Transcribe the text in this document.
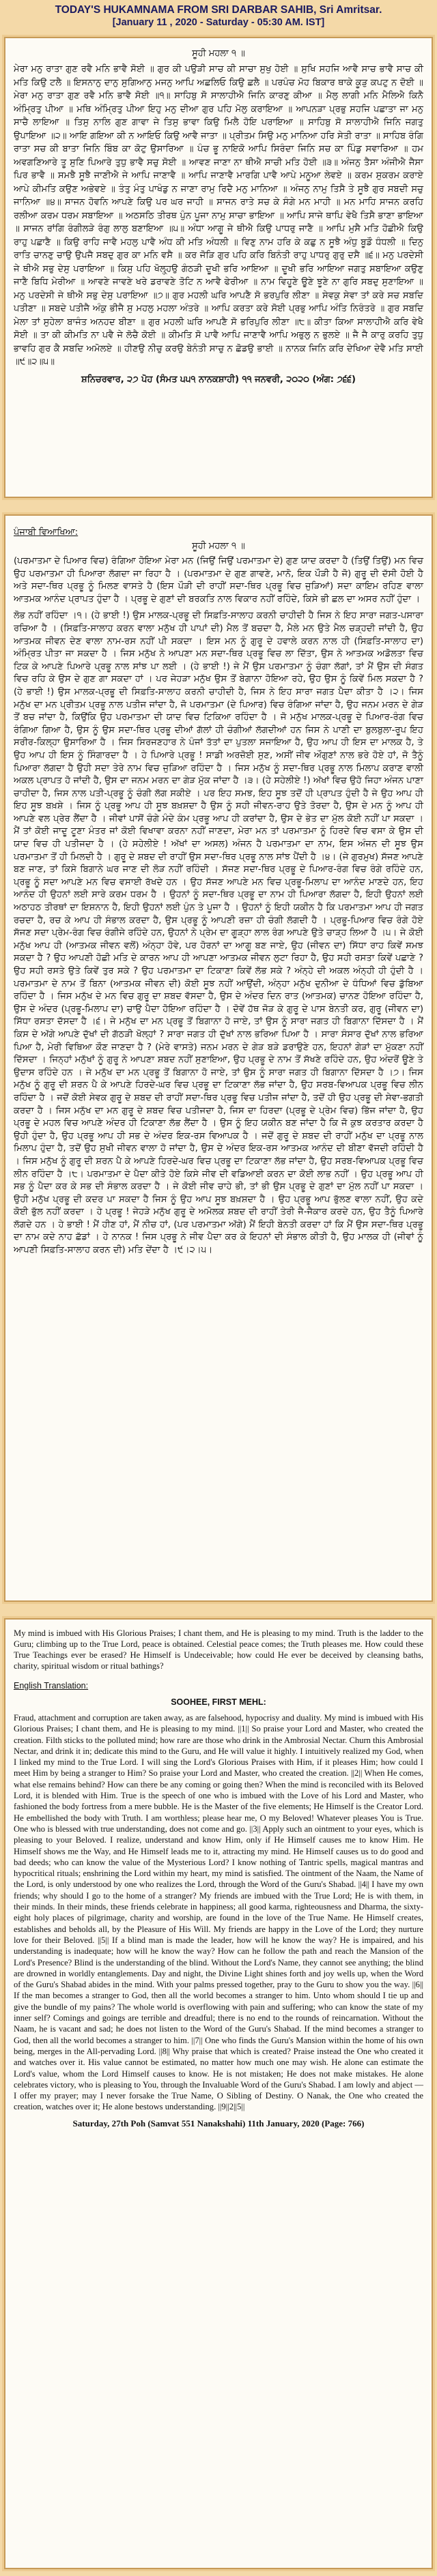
TODAY'S HUKAMNAMA FROM SRI DARBAR SAHIB, Sri Amritsar.
[January 11 , 2020 - Saturday - 05:30 AM. IST]
ਸੂਹੀ ਮਹਲਾ ੧ ॥

ਮੇਰਾ ਮਨੁ ਰਾਤਾ ਗੁਣ ਰਵੈ ਮਨਿ ਭਾਵੈ ਸੋਈ ॥ ਗੁਰ ਕੀ ਪਉੜੀ ਸਾਚ ਕੀ ਸਾਚਾ ਸੁਖੁ ਹੋਈ ॥ ਸੁਖਿ ਸਹਜਿ ਆਵੈ ਸਾਚ ਭਾਵੈ ਸਾਚ ਕੀ ਮਤਿ ਕਿਉ ਟਲੈ ॥ ਇਸਨਾਨੁ ਦਾਨੁ ਸੁਗਿਆਨੁ ਮਜਨੁ ਆਪਿ ਅਛਲਿਓ ਕਿਉ ਛਲੈ ॥ ਪਰਪੰਚ ਮੋਹ ਬਿਕਾਰ ਥਾਕੇ ਕੂੜੁ ਕਪਟੁ ਨ ਦੋਈ ॥ ਮੇਰਾ ਮਨੁ ਰਾਤਾ ਗੁਣ ਰਵੈ ਮਨਿ ਭਾਵੈ ਸੋਈ ॥੧॥ ਸਾਹਿਬੁ ਸੋ ਸਾਲਾਹੀਐ ਜਿਨਿ ਕਾਰਣੁ ਕੀਆ ॥ ਮੈਲੁ ਲਾਗੀ ਮਨਿ ਮੈਲਿਐ ਕਿਨੈ ਅੰਮ੍ਰਿਤੁ ਪੀਆ ॥ ਮਥਿ ਅੰਮ੍ਰਿਤੁ ਪੀਆ ਇਹੁ ਮਨੁ ਦੀਆ ਗੁਰ ਪਹਿ ਮੋਲੁ ਕਰਾਇਆ ॥ ਆਪਨੜਾ ਪ੍ਰਭੁ ਸਹਜਿ ਪਛਾਤਾ ਜਾ ਮਨੁ ਸਾਚੈ ਲਾਇਆ ॥ ਤਿਸੁ ਨਾਲਿ ਗੁਣ ਗਾਵਾ ਜੇ ਤਿਸੁ ਭਾਵਾ ਕਿਉ ਮਿਲੈ ਹੋਇ ਪਰਾਇਆ ॥ ਸਾਹਿਬੁ ਸੋ ਸਾਲਾਹੀਐ ਜਿਨਿ ਜਗਤੁ ਉਪਾਇਆ ॥੨॥ ਆਇ ਗਇਆ ਕੀ ਨ ਆਇਓ ਕਿਉ ਆਵੈ ਜਾਤਾ ॥ ਪ੍ਰੀਤਮ ਸਿਉ ਮਨੁ ਮਾਨਿਆ ਹਰਿ ਸੇਤੀ ਰਾਤਾ ॥ ਸਾਹਿਬ ਰੰਗਿ ਰਾਤਾ ਸਚ ਕੀ ਬਾਤਾ ਜਿਨਿ ਬਿੰਬ ਕਾ ਕੋਟੁ ਉਸਾਰਿਆ ॥ ਪੰਚ ਭੂ ਨਾਇਕੋ ਆਪਿ ਸਿਰੰਦਾ ਜਿਨਿ ਸਚ ਕਾ ਪਿੰਡੁ ਸਵਾਰਿਆ ॥ ਹਮ ਅਵਗਣਿਆਰੇ ਤੂ ਸੁਣਿ ਪਿਆਰੇ ਤੁਧੁ ਭਾਵੈ ਸਚੁ ਸੋਈ ॥ ਆਵਣ ਜਾਣਾ ਨਾ ਥੀਐ ਸਾਚੀ ਮਤਿ ਹੋਈ ॥੩॥ ਅੰਜਨੁ ਤੈਸਾ ਅੰਜੀਐ ਜੈਸਾ ਪਿਰ ਭਾਵੈ ॥ ਸਮਝੈ ਸੂਝੈ ਜਾਣੀਐ ਜੇ ਆਪਿ ਜਾਣਾਵੈ ॥ ਆਪਿ ਜਾਣਾਵੈ ਮਾਰਗਿ ਪਾਵੈ ਆਪੇ ਮਨੂਆ ਲੇਵਏ ॥ ਕਰਮ ਸੁਕਰਮ ਕਰਾਏ ਆਪੇ ਕੀਮਤਿ ਕਉਣ ਅਭੇਵਏ ॥ ਤੰਤੁ ਮੰਤੁ ਪਾਖੰਡੁ ਨ ਜਾਣਾ ਰਾਮੁ ਰਿਦੈ ਮਨੁ ਮਾਨਿਆ ॥ ਅੰਜਨੁ ਨਾਮੁ ਤਿਸੈ ਤੇ ਸੂਝੈ ਗੁਰ ਸਬਦੀ ਸਚੁ ਜਾਨਿਆ ॥੪॥ ਸਾਜਨ ਹੋਵਨਿ ਆਪਣੇ ਕਿਉ ਪਰ ਘਰ ਜਾਹੀ ॥ ਸਾਜਨ ਰਾਤੇ ਸਚ ਕੇ ਸੰਗੇ ਮਨ ਮਾਹੀ ॥ ਮਨ ਮਾਹਿ ਸਾਜਨ ਕਰਹਿ ਰਲੀਆ ਕਰਮ ਧਰਮ ਸਬਾਇਆ ॥ ਅਠਸਠਿ ਤੀਰਥ ਪੁੰਨ ਪੂਜਾ ਨਾਮੁ ਸਾਚਾ ਭਾਇਆ ॥ ਆਪਿ ਸਾਜੇ ਥਾਪਿ ਵੇਖੈ ਤਿਸੈ ਭਾਣਾ ਭਾਇਆ ॥ ਸਾਜਨ ਰਾਂਗਿ ਰੰਗੀਲੜੇ ਰੰਗੁ ਲਾਲੁ ਬਣਾਇਆ ॥੫॥ ਅੰਧਾ ਆਗੂ ਜੇ ਥੀਐ ਕਿਉ ਪਾਧਰੁ ਜਾਣੈ ॥ ਆਪਿ ਮੁਸੈ ਮਤਿ ਹੋਛੀਐ ਕਿਉ ਰਾਹੁ ਪਛਾਣੈ ॥ ਕਿਉ ਰਾਹਿ ਜਾਵੈ ਮਹਲੁ ਪਾਵੈ ਅੰਧ ਕੀ ਮਤਿ ਅੰਧਲੀ ॥ ਵਿਣੁ ਨਾਮ ਹਰਿ ਕੇ ਕਛੁ ਨ ਸੂਝੈ ਅੰਧੁ ਬੂਡੌ ਧੰਧਲੀ ॥ ਦਿਨੁ ਰਾਤਿ ਚਾਨਣੁ ਚਾਉ ਉਪਜੈ ਸਬਦੁ ਗੁਰ ਕਾ ਮਨਿ ਵਸੈ ॥ ਕਰ ਜੋੜਿ ਗੁਰ ਪਹਿ ਕਰਿ ਬਿਨੰਤੀ ਰਾਹੁ ਪਾਧਰੁ ਗੁਰੁ ਦਸੈ ॥੬॥ ਮਨੁ ਪਰਦੇਸੀ ਜੇ ਥੀਐ ਸਭੁ ਦੇਸੁ ਪਰਾਇਆ ॥ ਕਿਸੁ ਪਹਿ ਖੋਲ੍ਹ੍ਹਉ ਗੰਠੜੀ ਦੂਖੀ ਭਰਿ ਆਇਆ ॥ ਦੂਖੀ ਭਰਿ ਆਇਆ ਜਗਤੁ ਸਬਾਇਆ ਕਉਣੁ ਜਾਣੈ ਬਿਧਿ ਮੇਰੀਆ ॥ ਆਵਣੇ ਜਾਵਣੇ ਖਰੇ ਡਰਾਵਣੇ ਤੋਟਿ ਨ ਆਵੈ ਫੇਰੀਆ ॥ ਨਾਮ ਵਿਹੂਣੇ ਊਣੇ ਝੂਣੇ ਨਾ ਗੁਰਿ ਸਬਦੁ ਸੁਣਾਇਆ ॥ ਮਨੁ ਪਰਦੇਸੀ ਜੇ ਥੀਐ ਸਭੁ ਦੇਸੁ ਪਰਾਇਆ ॥੭॥ ਗੁਰ ਮਹਲੀ ਘਰਿ ਆਪਣੈ ਸੋ ਭਰਪੁਰਿ ਲੀਣਾ ॥ ਸੇਵਕੁ ਸੇਵਾ ਤਾਂ ਕਰੇ ਸਚ ਸਬਦਿ ਪਤੀਣਾ ॥ ਸਬਦੇ ਪਤੀਜੈ ਅੰਕੁ ਭੀਜੈ ਸੁ ਮਹਲੁ ਮਹਲਾ ਅੰਤਰੇ ॥ ਆਪਿ ਕਰਤਾ ਕਰੇ ਸੋਈ ਪ੍ਰਭੁ ਆਪਿ ਅੰਤਿ ਨਿਰੰਤਰੇ ॥ ਗੁਰ ਸਬਦਿ ਮੇਲਾ ਤਾਂ ਸੁਹੇਲਾ ਬਾਜੰਤ ਅਨਹਦ ਬੀਣਾ ॥ ਗੁਰ ਮਹਲੀ ਘਰਿ ਆਪਣੈ ਸੋ ਭਰਿਪੁਰਿ ਲੀਣਾ ॥੮॥ ਕੀਤਾ ਕਿਆ ਸਾਲਾਹੀਐ ਕਰਿ ਵੇਖੈ ਸੋਈ ॥ ਤਾ ਕੀ ਕੀਮਤਿ ਨਾ ਪਵੈ ਜੇ ਲੋਚੈ ਕੋਈ ॥ ਕੀਮਤਿ ਸੋ ਪਾਵੈ ਆਪਿ ਜਾਣਾਵੈ ਆਪਿ ਅਭੁਲੁ ਨ ਭੁਲਏ ॥ ਜੈ ਜੈ ਕਾਰੁ ਕਰਹਿ ਤੁਧੁ ਭਾਵਹਿ ਗੁਰ ਕੈ ਸਬਦਿ ਅਮੋਲਏ ॥ ਹੀਣਉ ਨੀਚੁ ਕਰਉ ਬੇਨੰਤੀ ਸਾਚੁ ਨ ਛੋਡਉ ਭਾਈ ॥ ਨਾਨਕ ਜਿਨਿ ਕਰਿ ਦੇਖਿਆ ਦੇਵੈ ਮਤਿ ਸਾਈ ॥੯॥੨॥੫॥

ਸ਼ਨਿਚਰਵਾਰ, ੨੭ ਪੋਹ (ਸੰਮਤ ੫੫੧ ਨਾਨਕਸ਼ਾਹੀ) ੧੧ ਜਨਵਰੀ, ੨੦੨੦ (ਅੰਗ: ੭੬੬)
ਪੰਜਾਬੀ ਵਿਆਖਿਆ:
ਸੂਹੀ ਮਹਲਾ ੧ ॥

(ਪਰਮਾਤਮਾ ਦੇ ਪਿਆਰ ਵਿਚ) ਰੰਗਿਆ ਹੋਇਆ ਮੇਰਾ ਮਨ (ਜਿਉਂ ਜਿਉਂ ਪਰਮਾਤਮਾ ਦੇ) ਗੁਣ ਯਾਦ ਕਰਦਾ ਹੈ (ਤਿਉਂ ਤਿਉਂ) ਮਨ ਵਿਚ ਉਹ ਪਰਮਾਤਮਾ ਹੀ ਪਿਆਰਾ ਲੱਗਦਾ ਜਾ ਰਿਹਾ ਹੈ । (ਪਰਮਾਤਮਾ ਦੇ ਗੁਣ ਗਾਵਣੇ, ਮਾਨੋ, ਇਕ ਪੌੜੀ ਹੈ ਜੋ) ਗੁਰੂ ਦੀ ਦੱਸੀ ਹੋਈ ਹੈ ਅਤੇ ਸਦਾ-ਥਿਰ ਪ੍ਰਭੂ ਨੂੰ ਮਿਲਣ ਵਾਸਤੇ ਹੈ (ਇਸ ਪੌੜੀ ਦੀ ਰਾਹੀਂ ਸਦਾ-ਥਿਰ ਪ੍ਰਭੂ ਵਿਚ ਜੁੜਿਆਂ) ਸਦਾ ਕਾਇਮ ਰਹਿਣ ਵਾਲਾ ਆਤਮਕ ਆਨੰਦ ਪ੍ਰਾਪਤ ਹੁੰਦਾ ਹੈ । ਪ੍ਰਭੂ ਦੇ ਗੁਣਾਂ ਦੀ ਬਰਕਤਿ ਨਾਲ ਵਿਕਾਰ ਨਹੀਂ ਰਹਿੰਦੇ, ਕਿਸੇ ਭੀ ਛਲ ਦਾ ਅਸਰ ਨਹੀਂ ਹੁੰਦਾ ।

ਲੋਭ ਨਹੀਂ ਰਹਿੰਦਾ ।੧। (ਹੇ ਭਾਈ !) ਉਸ ਮਾਲਕ-ਪ੍ਰਭੂ ਦੀ ਸਿਫ਼ਤਿ-ਸਾਲਾਹ ਕਰਨੀ ਚਾਹੀਦੀ ਹੈ ਜਿਸ ਨੇ ਇਹ ਸਾਰਾ ਜਗਤ-ਪਸਾਰਾ ਰਚਿਆ ਹੈ । (ਸਿਫ਼ਤਿ-ਸਾਲਾਹ ਕਰਨ ਵਾਲਾ ਮਨੁੱਖ ਹੀ ਪਾਪਾਂ ਦੀ) ਮੈਲ ਤੋਂ ਬਚਦਾ ਹੈ, ਮੈਲੇ ਮਨ ਉਤੇ ਮੈਲ ਚੜ੍ਹਦੀ ਜਾਂਦੀ ਹੈ, ਉਹ ਆਤਮਕ ਜੀਵਨ ਦੇਣ ਵਾਲਾ ਨਾਮ-ਰਸ ਨਹੀਂ ਪੀ ਸਕਦਾ । ਇਸ ਮਨ ਨੂੰ ਗੁਰੂ ਦੇ ਹਵਾਲੇ ਕਰਨ ਨਾਲ ਹੀ (ਸਿਫ਼ਤਿ-ਸਾਲਾਹ ਦਾ) ਅੰਮ੍ਰਿਤ ਪੀਤਾ ਜਾ ਸਕਦਾ ਹੈ । ਜਿਸ ਮਨੁੱਖ ਨੇ ਆਪਣਾ ਮਨ ਸਦਾ-ਥਿਰ ਪ੍ਰਭੂ ਵਿਚ ਲਾ ਦਿੱਤਾ, ਉਸ ਨੇ ਆਤਮਕ ਅਡੋਲਤਾ ਵਿਚ ਟਿਕ ਕੇ ਆਪਣੇ ਪਿਆਰੇ ਪ੍ਰਭੂ ਨਾਲ ਸਾਂਝ ਪਾ ਲਈ । (ਹੇ ਭਾਈ !) ਜੇ ਮੈਂ ਉਸ ਪਰਮਾਤਮਾ ਨੂੰ ਚੰਗਾ ਲੱਗਾਂ, ਤਾਂ ਮੈਂ ਉਸ ਦੀ ਸੰਗਤ ਵਿਚ ਰਹਿ ਕੇ ਉਸ ਦੇ ਗੁਣ ਗਾ ਸਕਦਾ ਹਾਂ । ਪਰ ਜੇਹੜਾ ਮਨੁੱਖ ਉਸ ਤੋਂ ਬੇਗਾਨਾ ਹੋਇਆ ਰਹੇ, ਉਹ ਉਸ ਨੂੰ ਕਿਵੇਂ ਮਿਲ ਸਕਦਾ ਹੈ ? (ਹੇ ਭਾਈ !) ਉਸ ਮਾਲਕ-ਪ੍ਰਭੂ ਦੀ ਸਿਫ਼ਤਿ-ਸਾਲਾਹ ਕਰਨੀ ਚਾਹੀਦੀ ਹੈ, ਜਿਸ ਨੇ ਇਹ ਸਾਰਾ ਜਗਤ ਪੈਦਾ ਕੀਤਾ ਹੈ ।੨। ਜਿਸ ਮਨੁੱਖ ਦਾ ਮਨ ਪ੍ਰੀਤਮ ਪ੍ਰਭੂ ਨਾਲ ਪਤੀਜ ਜਾਂਦਾ ਹੈ, ਜੋ ਪਰਮਾਤਮਾ (ਦੇ ਪਿਆਰ) ਵਿਚ ਰੰਗਿਆ ਜਾਂਦਾ ਹੈ, ਉਹ ਜਨਮ ਮਰਨ ਦੇ ਗੇੜ ਤੋਂ ਬਚ ਜਾਂਦਾ ਹੈ, ਕਿਉਂਕਿ ਉਹ ਪਰਮਾਤਮਾ ਦੀ ਯਾਦ ਵਿਚ ਟਿਕਿਆ ਰਹਿੰਦਾ ਹੈ । ਜੋ ਮਨੁੱਖ ਮਾਲਕ-ਪ੍ਰਭੂ ਦੇ ਪਿਆਰ-ਰੰਗ ਵਿਚ ਰੰਗਿਆ ਗਿਆ ਹੈ, ਉਸ ਨੂੰ ਉਸ ਸਦਾ-ਥਿਰ ਪ੍ਰਭੂ ਦੀਆਂ ਗੱਲਾਂ ਹੀ ਚੰਗੀਆਂ ਲੱਗਦੀਆਂ ਹਨ ਜਿਸ ਨੇ ਪਾਣੀ ਦਾ ਬੁਲਬੁਲਾ-ਰੂਪ ਇਹ ਸਰੀਰ-ਕਿਲ੍ਹਾ ਉਸਾਰਿਆ ਹੈ । ਜਿਸ ਸਿਰਜਣਹਾਰ ਨੇ ਪੰਜਾਂ ਤੱਤਾਂ ਦਾ ਪੁਤਲਾ ਸਜਾਇਆ ਹੈ, ਉਹ ਆਪ ਹੀ ਇਸ ਦਾ ਮਾਲਕ ਹੈ, ਤੇ ਉਹ ਆਪ ਹੀ ਇਸ ਨੂੰ ਸਿੰਗਾਰਦਾ ਹੈ । ਹੇ ਪਿਆਰੇ ਪ੍ਰਭੂ ! ਸਾਡੀ ਅਰਜ਼ੋਈ ਸੁਣ, ਅਸੀਂ ਜੀਵ ਔਗੁਣਾਂ ਨਾਲ ਭਰੇ ਹੋਏ ਹਾਂ, ਜੋ ਤੈਨੂੰ ਪਿਆਰਾ ਲੱਗਦਾ ਹੈ ਉਹੀ ਸਦਾ ਤੇਰੇ ਨਾਮ ਵਿਚ ਜੁੜਿਆ ਰਹਿੰਦਾ ਹੈ । ਜਿਸ ਮਨੁੱਖ ਨੂੰ ਸਦਾ-ਥਿਰ ਪ੍ਰਭੂ ਨਾਲ ਮਿਲਾਪ ਕਰਾਣ ਵਾਲੀ ਅਕਲ ਪ੍ਰਾਪਤ ਹੋ ਜਾਂਦੀ ਹੈ, ਉਸ ਦਾ ਜਨਮ ਮਰਨ ਦਾ ਗੇੜ ਮੁੱਕ ਜਾਂਦਾ ਹੈ ।੩। (ਹੇ ਸਹੇਲੀਏ !) ਅੱਖਾਂ ਵਿਚ ਉਹੋ ਜਿਹਾ ਅੰਜਨ ਪਾਣਾ ਚਾਹੀਦਾ ਹੈ, ਜਿਸ ਨਾਲ ਪਤੀ-ਪ੍ਰਭੂ ਨੂੰ ਚੰਗੀ ਲੱਗ ਸਕੀਏ । ਪਰ ਇਹ ਸਮਝ, ਇਹ ਸੂਝ ਤਦੋਂ ਹੀ ਪ੍ਰਾਪਤ ਹੁੰਦੀ ਹੈ ਜੇ ਉਹ ਆਪ ਹੀ ਇਹ ਸੂਝ ਬਖ਼ਸ਼ੇ । ਜਿਸ ਨੂੰ ਪ੍ਰਭੂ ਆਪ ਹੀ ਸੂਝ ਬਖ਼ਸ਼ਦਾ ਹੈ ਉਸ ਨੂੰ ਸਹੀ ਜੀਵਨ-ਰਾਹ ਉਤੇ ਤੋਰਦਾ ਹੈ, ਉਸ ਦੇ ਮਨ ਨੂੰ ਆਪ ਹੀ ਆਪਣੇ ਵਲ ਪ੍ਰੇਰ ਲੈਂਦਾ ਹੈ । ਜੀਵਾਂ ਪਾਸੋਂ ਚੰਗੇ ਮੰਦੇ ਕੰਮ ਪ੍ਰਭੂ ਆਪ ਹੀ ਕਰਾਂਦਾ ਹੈ, ਉਸ ਦੇ ਭੇਤ ਦਾ ਮੁੱਲ ਕੋਈ ਨਹੀਂ ਪਾ ਸਕਦਾ । ਮੈਂ ਤਾਂ ਕੋਈ ਜਾਦੂ ਟੂਣਾ ਮੰਤਰ ਜਾਂ ਕੋਈ ਵਿਖਾਵਾ ਕਰਨਾ ਨਹੀਂ ਜਾਣਦਾ, ਮੇਰਾ ਮਨ ਤਾਂ ਪਰਮਾਤਮਾ ਨੂੰ ਹਿਰਦੇ ਵਿਚ ਵਸਾ ਕੇ ਉਸ ਦੀ ਯਾਦ ਵਿਚ ਹੀ ਪਤੀਜਦਾ ਹੈ । (ਹੇ ਸਹੇਲੀਏ ! ਅੱਖਾਂ ਦਾ ਅਸਲ) ਅੰਜਨ ਹੈ ਪਰਮਾਤਮਾ ਦਾ ਨਾਮ, ਇਸ ਅੰਜਨ ਦੀ ਸੂਝ ਉਸ ਪਰਮਾਤਮਾ ਤੋਂ ਹੀ ਮਿਲਦੀ ਹੈ । ਗੁਰੂ ਦੇ ਸ਼ਬਦ ਦੀ ਰਾਹੀਂ ਉਸ ਸਦਾ-ਥਿਰ ਪ੍ਰਭੂ ਨਾਲ ਸਾਂਝ ਪੈਂਦੀ ਹੈ ।੪। (ਜੇ ਗੁਰਮੁਖ) ਸੱਜਣ ਆਪਣੇ ਬਣ ਜਾਣ, ਤਾਂ ਕਿਸੇ ਬਿਗਾਨੇ ਘਰ ਜਾਣ ਦੀ ਲੋੜ ਨਹੀਂ ਰਹਿੰਦੀ । ਸੱਜਣ ਸਦਾ-ਥਿਰ ਪ੍ਰਭੂ ਦੇ ਪਿਆਰ-ਰੰਗ ਵਿਚ ਰੰਗੇ ਰਹਿੰਦੇ ਹਨ, ਪ੍ਰਭੂ ਨੂੰ ਸਦਾ ਆਪਣੇ ਮਨ ਵਿਚ ਵਸਾਈ ਰੱਖਦੇ ਹਨ । ਉਹ ਸੱਜਣ ਆਪਣੇ ਮਨ ਵਿਚ ਪ੍ਰਭੂ-ਮਿਲਾਪ ਦਾ ਆਨੰਦ ਮਾਣਦੇ ਹਨ, ਇਹ ਆਨੰਦ ਹੀ ਉਹਨਾਂ ਲਈ ਸਾਰੇ ਕਰਮ ਧਰਮ ਹੈ । ਉਹਨਾਂ ਨੂੰ ਸਦਾ-ਥਿਰ ਪ੍ਰਭੂ ਦਾ ਨਾਮ ਹੀ ਪਿਆਰਾ ਲੱਗਦਾ ਹੈ, ਇਹੀ ਉਹਨਾਂ ਲਈ ਅਠਾਹਠ ਤੀਰਥਾਂ ਦਾ ਇਸ਼ਨਾਨ ਹੈ, ਇਹੀ ਉਹਨਾਂ ਲਈ ਪੁੰਨ ਤੇ ਪੂਜਾ ਹੈ । ਉਹਨਾਂ ਨੂੰ ਇਹੀ ਯਕੀਨ ਹੈ ਕਿ ਪਰਮਾਤਮਾ ਆਪ ਹੀ ਜਗਤ ਰਚਦਾ ਹੈ, ਰਚ ਕੇ ਆਪ ਹੀ ਸੰਭਾਲ ਕਰਦਾ ਹੈ, ਉਸ ਪ੍ਰਭੂ ਨੂੰ ਆਪਣੀ ਰਜ਼ਾ ਹੀ ਚੰਗੀ ਲੱਗਦੀ ਹੈ । ਪ੍ਰਭੂ-ਪਿਆਰ ਵਿਚ ਰੰਗੇ ਹੋਏ ਸੱਜਣ ਸਦਾ ਪ੍ਰੇਮ-ਰੰਗ ਵਿਚ ਰੰਗੀਜੇ ਰਹਿੰਦੇ ਹਨ, ਉਹਨਾਂ ਨੇ ਪ੍ਰੇਮ ਦਾ ਗੂੜ੍ਹਾ ਲਾਲ ਰੰਗ ਆਪਣੇ ਉਤੇ ਚਾੜ੍ਹ ਲਿਆ ਹੈ ।੫। ਜੇ ਕੋਈ ਮਨੁੱਖ ਆਪ ਹੀ (ਆਤਮਕ ਜੀਵਨ ਵਲੋਂ) ਅੰਨ੍ਹਾ ਹੋਵੇ, ਪਰ ਹੋਰਨਾਂ ਦਾ ਆਗੂ ਬਣ ਜਾਏ, ਉਹ (ਜੀਵਨ ਦਾ) ਸਿੱਧਾ ਰਾਹ ਕਿਵੇਂ ਸਮਝ ਸਕਦਾ ਹੈ ? ਉਹ ਆਪਣੀ ਹੋਛੀ ਮਤਿ ਦੇ ਕਾਰਨ ਆਪ ਹੀ ਆਪਣਾ ਆਤਮਕ ਜੀਵਨ ਲੁਟਾ ਰਿਹਾ ਹੈ, ਉਹ ਸਹੀ ਰਸਤਾ ਕਿਵੇਂ ਪਛਾਣੇ ? ਉਹ ਸਹੀ ਰਸਤੇ ਉਤੇ ਕਿਵੇਂ ਤੁਰ ਸਕੇ ? ਉਹ ਪਰਮਾਤਮਾ ਦਾ ਟਿਕਾਣਾ ਕਿਵੇਂ ਲੱਭ ਸਕੇ ? ਅੰਨ੍ਹੇ ਦੀ ਅਕਲ ਅੰਨ੍ਹੀ ਹੀ ਹੁੰਦੀ ਹੈ । ਪਰਮਾਤਮਾ ਦੇ ਨਾਮ ਤੋਂ ਬਿਨਾ (ਆਤਮਕ ਜੀਵਨ ਦੀ) ਕੋਈ ਸੂਝ ਨਹੀਂ ਆਉਂਦੀ, ਅੰਨ੍ਹਾ ਮਨੁੱਖ ਦੁਨੀਆ ਦੇ ਧੰਧਿਆਂ ਵਿਚ ਡੁੱਬਿਆ ਰਹਿੰਦਾ ਹੈ । ਜਿਸ ਮਨੁੱਖ ਦੇ ਮਨ ਵਿਚ ਗੁਰੂ ਦਾ ਸ਼ਬਦ ਵੱਸਦਾ ਹੈ, ਉਸ ਦੇ ਅੰਦਰ ਦਿਨ ਰਾਤ (ਆਤਮਕ) ਚਾਨਣ ਹੋਇਆ ਰਹਿੰਦਾ ਹੈ, ਉਸ ਦੇ ਅੰਦਰ (ਪ੍ਰਭੂ-ਮਿਲਾਪ ਦਾ) ਚਾਉ ਪੈਦਾ ਹੋਇਆ ਰਹਿੰਦਾ ਹੈ । ਦੋਵੇਂ ਹੱਥ ਜੋੜ ਕੇ ਗੁਰੂ ਦੇ ਪਾਸ ਬੇਨਤੀ ਕਰ, ਗੁਰੂ (ਜੀਵਨ ਦਾ) ਸਿੱਧਾ ਰਸਤਾ ਦੱਸਦਾ ਹੈ ।੬। ਜੇ ਮਨੁੱਖ ਦਾ ਮਨ ਪ੍ਰਭੂ ਤੋਂ ਬਿਗਾਨਾ ਹੋ ਜਾਏ, ਤਾਂ ਉਸ ਨੂੰ ਸਾਰਾ ਜਗਤ ਹੀ ਬਿਗਾਨਾ ਦਿੱਸਦਾ ਹੈ । ਮੈਂ ਕਿਸ ਦੇ ਅੱਗੇ ਆਪਣੇ ਦੁੱਖਾਂ ਦੀ ਗੱਠੜੀ ਖੋਲ੍ਹਾਂ ? ਸਾਰਾ ਜਗਤ ਹੀ ਦੁੱਖਾਂ ਨਾਲ ਭਰਿਆ ਪਿਆ ਹੈ । ਸਾਰਾ ਸੰਸਾਰ ਦੁੱਖਾਂ ਨਾਲ ਭਰਿਆ ਪਿਆ ਹੈ, ਮੇਰੀ ਵਿਥਿਆ ਕੌਣ ਜਾਣਦਾ ਹੈ ? (ਮੇਰੇ ਵਾਸਤੇ) ਜਨਮ ਮਰਨ ਦੇ ਗੇੜ ਬੜੇ ਡਰਾਉਣੇ ਹਨ, ਇਹਨਾਂ ਗੇੜਾਂ ਦਾ ਮੁੱਕਣਾ ਨਹੀਂ ਦਿੱਸਦਾ । ਜਿਨ੍ਹਾਂ ਮਨੁੱਖਾਂ ਨੂੰ ਗੁਰੂ ਨੇ ਆਪਣਾ ਸ਼ਬਦ ਨਹੀਂ ਸੁਣਾਇਆ, ਉਹ ਪ੍ਰਭੂ ਦੇ ਨਾਮ ਤੋਂ ਸੱਖਣੇ ਰਹਿੰਦੇ ਹਨ, ਉਹ ਅੰਦਰੋਂ ਊਣੇ ਤੇ ਉਦਾਸ ਰਹਿੰਦੇ ਹਨ । ਜੇ ਮਨੁੱਖ ਦਾ ਮਨ ਪ੍ਰਭੂ ਤੋਂ ਬਿਗਾਨਾ ਹੋ ਜਾਏ, ਤਾਂ ਉਸ ਨੂੰ ਸਾਰਾ ਜਗਤ ਹੀ ਬਿਗਾਨਾ ਦਿੱਸਦਾ ਹੈ ।੭। ਜਿਸ ਮਨੁੱਖ ਨੂੰ ਗੁਰੂ ਦੀ ਸ਼ਰਨ ਪੈ ਕੇ ਆਪਣੇ ਹਿਰਦੇ-ਘਰ ਵਿਚ ਪ੍ਰਭੂ ਦਾ ਟਿਕਾਣਾ ਲੱਭ ਜਾਂਦਾ ਹੈ, ਉਹ ਸਰਬ-ਵਿਆਪਕ ਪ੍ਰਭੂ ਵਿਚ ਲੀਨ ਰਹਿੰਦਾ ਹੈ । ਜਦੋਂ ਕੋਈ ਸੇਵਕ ਗੁਰੂ ਦੇ ਸ਼ਬਦ ਦੀ ਰਾਹੀਂ ਸਦਾ-ਥਿਰ ਪ੍ਰਭੂ ਵਿਚ ਪਤੀਜ ਜਾਂਦਾ ਹੈ, ਤਦੋਂ ਹੀ ਉਹ ਪ੍ਰਭੂ ਦੀ ਸੇਵਾ-ਭਗਤੀ ਕਰਦਾ ਹੈ । ਜਿਸ ਮਨੁੱਖ ਦਾ ਮਨ ਗੁਰੂ ਦੇ ਸ਼ਬਦ ਵਿਚ ਪਤੀਜਦਾ ਹੈ, ਜਿਸ ਦਾ ਹਿਰਦਾ (ਪ੍ਰਭੂ ਦੇ ਪ੍ਰੇਮ ਵਿਚ) ਭਿੱਜ ਜਾਂਦਾ ਹੈ, ਉਹ ਪ੍ਰਭੂ ਦੇ ਮਹਲ ਵਿਚ ਆਪਣੇ ਅੰਦਰ ਹੀ ਟਿਕਾਣਾ ਲੱਭ ਲੈਂਦਾ ਹੈ । ਉਸ ਨੂੰ ਇਹ ਯਕੀਨ ਬਣ ਜਾਂਦਾ ਹੈ ਕਿ ਜੋ ਕੁਝ ਕਰਤਾਰ ਕਰਦਾ ਹੈ ਉਹੀ ਹੁੰਦਾ ਹੈ, ਉਹ ਪ੍ਰਭੂ ਆਪ ਹੀ ਸਭ ਦੇ ਅੰਦਰ ਇਕ-ਰਸ ਵਿਆਪਕ ਹੈ । ਜਦੋਂ ਗੁਰੂ ਦੇ ਸ਼ਬਦ ਦੀ ਰਾਹੀਂ ਮਨੁੱਖ ਦਾ ਪ੍ਰਭੂ ਨਾਲ ਮਿਲਾਪ ਹੁੰਦਾ ਹੈ, ਤਦੋਂ ਉਹ ਸੁਖੀ ਜੀਵਨ ਵਾਲਾ ਹੋ ਜਾਂਦਾ ਹੈ, ਉਸ ਦੇ ਅੰਦਰ ਇਕ-ਰਸ ਆਤਮਕ ਆਨੰਦ ਦੀ ਬੀਣਾ ਵੱਜਦੀ ਰਹਿੰਦੀ ਹੈ । ਜਿਸ ਮਨੁੱਖ ਨੂੰ ਗੁਰੂ ਦੀ ਸ਼ਰਨ ਪੈ ਕੇ ਆਪਣੇ ਹਿਰਦੇ-ਘਰ ਵਿਚ ਪ੍ਰਭੂ ਦਾ ਟਿਕਾਣਾ ਲੱਭ ਜਾਂਦਾ ਹੈ, ਉਹ ਸਰਬ-ਵਿਆਪਕ ਪ੍ਰਭੂ ਵਿਚ ਲੀਨ ਰਹਿੰਦਾ ਹੈ ।੮। ਪਰਮਾਤਮਾ ਦੇ ਪੈਦਾ ਕੀਤੇ ਹੋਏ ਕਿਸੇ ਜੀਵ ਦੀ ਵਡਿਆਈ ਕਰਨ ਦਾ ਕੋਈ ਲਾਭ ਨਹੀਂ । ਉਹ ਪ੍ਰਭੂ ਆਪ ਹੀ ਸਭ ਨੂੰ ਪੈਦਾ ਕਰ ਕੇ ਸਭ ਦੀ ਸੰਭਾਲ ਕਰਦਾ ਹੈ । ਜੇ ਕੋਈ ਜੀਵ ਚਾਹੇ ਭੀ, ਤਾਂ ਭੀ ਉਸ ਪ੍ਰਭੂ ਦੇ ਗੁਣਾਂ ਦਾ ਮੁੱਲ ਨਹੀਂ ਪਾ ਸਕਦਾ । ਉਹੀ ਮਨੁੱਖ ਪ੍ਰਭੂ ਦੀ ਕਦਰ ਪਾ ਸਕਦਾ ਹੈ ਜਿਸ ਨੂੰ ਉਹ ਆਪ ਸੂਝ ਬਖ਼ਸ਼ਦਾ ਹੈ । ਉਹ ਪ੍ਰਭੂ ਆਪ ਭੁੱਲਣ ਵਾਲਾ ਨਹੀਂ, ਉਹ ਕਦੇ ਕੋਈ ਭੁੱਲ ਨਹੀਂ ਕਰਦਾ । ਹੇ ਪ੍ਰਭੂ ! ਜੇਹੜੇ ਮਨੁੱਖ ਗੁਰੂ ਦੇ ਅਮੋਲਕ ਸ਼ਬਦ ਦੀ ਰਾਹੀਂ ਤੇਰੀ ਜੈ-ਜੈਕਾਰ ਕਰਦੇ ਹਨ, ਉਹ ਤੈਨੂੰ ਪਿਆਰੇ ਲੱਗਦੇ ਹਨ । ਹੇ ਭਾਈ ! ਮੈਂ ਹੀਣ ਹਾਂ, ਮੈਂ ਨੀਚ ਹਾਂ, (ਪਰ ਪਰਮਾਤਮਾ ਅੱਗੇ) ਮੈਂ ਇਹੀ ਬੇਨਤੀ ਕਰਦਾ ਹਾਂ ਕਿ ਮੈਂ ਉਸ ਸਦਾ-ਥਿਰ ਪ੍ਰਭੂ ਦਾ ਨਾਮ ਕਦੇ ਨਾਹ ਛੱਡਾਂ । ਹੇ ਨਾਨਕ ! ਜਿਸ ਪ੍ਰਭੂ ਨੇ ਜੀਵ ਪੈਦਾ ਕਰ ਕੇ ਇਹਨਾਂ ਦੀ ਸੰਭਾਲ ਕੀਤੀ ਹੈ, ਉਹ ਮਾਲਕ ਹੀ (ਜੀਵਾਂ ਨੂੰ ਆਪਣੀ ਸਿਫ਼ਤਿ-ਸਾਲਾਹ ਕਰਨ ਦੀ) ਮਤਿ ਦੇਂਦਾ ਹੈ ।੯।੨।੫।

My mind is imbued with His Glorious Praises; I chant them, and He is pleasing to my mind. Truth is the ladder to the Guru; climbing up to the True Lord, peace is obtained. Celestial peace comes; the Truth pleases me. How could these True Teachings ever be erased? He Himself is Undeceivable; how could He ever be deceived by cleansing baths, charity, spiritual wisdom or ritual bathings?

English Translation:
SOOHEE, FIRST MEHL:

Fraud, attachment and corruption are taken away, as are falsehood, hypocrisy and duality. My mind is imbued with His Glorious Praises; I chant them, and He is pleasing to my mind. ||1|| So praise your Lord and Master, who created the creation. Filth sticks to the polluted mind; how rare are those who drink in the Ambrosial Nectar. Churn this Ambrosial Nectar, and drink it in; dedicate this mind to the Guru, and He will value it highly. I intuitively realized my God, when I linked my mind to the True Lord. I will sing the Lord's Glorious Praises with Him, if it pleases Him; how could I meet Him by being a stranger to Him? So praise your Lord and Master, who created the creation. ||2|| When He comes, what else remains behind? How can there be any coming or going then? When the mind is reconciled with its Beloved Lord, it is blended with Him. True is the speech of one who is imbued with the Love of his Lord and Master, who fashioned the body fortress from a mere bubble. He is the Master of the five elements; He Himself is the Creator Lord. He embellished the body with Truth. I am worthless; please hear me, O my Beloved! Whatever pleases You is True. One who is blessed with true understanding, does not come and go. ||3|| Apply such an ointment to your eyes, which is pleasing to your Beloved. I realize, understand and know Him, only if He Himself causes me to know Him. He Himself shows me the Way, and He Himself leads me to it, attracting my mind. He Himself causes us to do good and bad deeds; who can know the value of the Mysterious Lord? I know nothing of Tantric spells, magical mantras and hypocritical rituals; enshrining the Lord within my heart, my mind is satisfied. The ointment of the Naam, the Name of the Lord, is only understood by one who realizes the Lord, through the Word of the Guru's Shabad. ||4|| I have my own friends; why should I go to the home of a stranger? My friends are imbued with the True Lord; He is with them, in their minds. In their minds, these friends celebrate in happiness; all good karma, righteousness and Dharma, the sixty-eight holy places of pilgrimage, charity and worship, are found in the love of the True Name. He Himself creates, establishes and beholds all, by the Pleasure of His Will. My friends are happy in the Love of the Lord; they nurture love for their Beloved. ||5|| If a blind man is made the leader, how will he know the way? He is impaired, and his understanding is inadequate; how will he know the way? How can he follow the path and reach the Mansion of the Lord's Presence? Blind is the understanding of the blind. Without the Lord's Name, they cannot see anything; the blind are drowned in worldly entanglements. Day and night, the Divine Light shines forth and joy wells up, when the Word of the Guru's Shabad abides in the mind. With your palms pressed together, pray to the Guru to show you the way. ||6|| If the man becomes a stranger to God, then all the world becomes a stranger to him. Unto whom should I tie up and give the bundle of my pains? The whole world is overflowing with pain and suffering; who can know the state of my inner self? Comings and goings are terrible and dreadful; there is no end to the rounds of reincarnation. Without the Naam, he is vacant and sad; he does not listen to the Word of the Guru's Shabad. If the mind becomes a stranger to God, then all the world becomes a stranger to him. ||7|| One who finds the Guru's Mansion within the home of his own being, merges in the All-pervading Lord. ||8|| Why praise that which is created? Praise instead the One who created it and watches over it. His value cannot be estimated, no matter how much one may wish. He alone can estimate the Lord's value, whom the Lord Himself causes to know. He is not mistaken; He does not make mistakes. He alone celebrates victory, who is pleasing to You, through the Invaluable Word of the Guru's Shabad. I am lowly and abject — I offer my prayer; may I never forsake the True Name, O Sibling of Destiny. O Nanak, the One who created the creation, watches over it; He alone bestows understanding. ||9||2||5||

Saturday, 27th Poh (Samvat 551 Nanakshahi) 11th January, 2020 (Page: 766)
